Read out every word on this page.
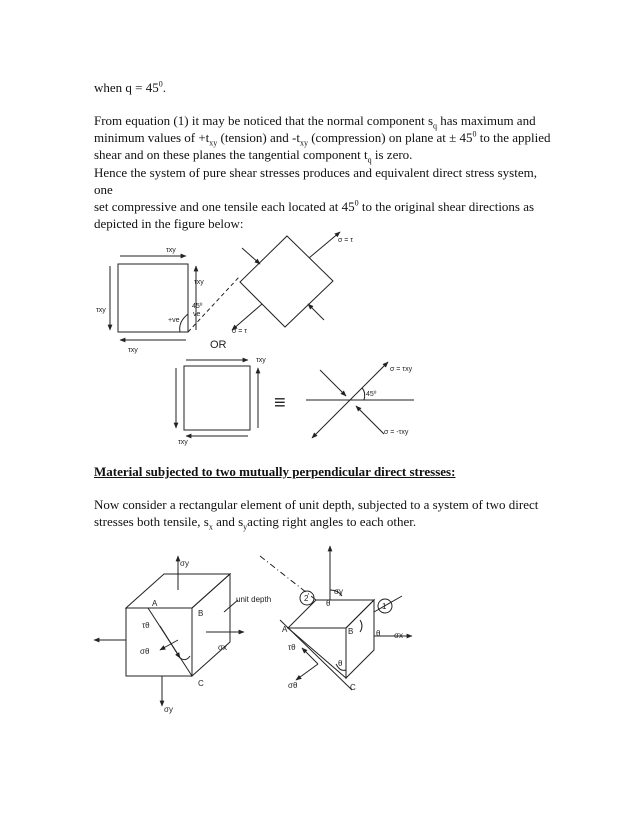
when $q = 45^0$.
From equation (1) it may be noticed that the normal component $s_q$ has maximum and
minimum values of $+t_{xy}$ (tension) and $-t_{xy}$ (compression) on plane at ± $45^0$ to the applied
shear and on these planes the tangential component $t_q$ is zero.
Hence the system of pure shear stresses produces and equivalent direct stress system, one
set compressive and one tensile each located at $45^0$ to the original shear directions as
depicted in the figure below:
τxy
τxy
τxy
τxy
45º
ve
+ve
σ = τ
σ = τ
τxy
τxy
σ = τxy
σ = -τxy
45º
OR
≡
Material subjected to two mutually perpendicular direct stresses:
Now consider a rectangular element of unit depth, subjected to a system of two direct
stresses both tensile, $s_x$ and $s_yacting$ right angles to each other.
σy
σy
σx
τθ
σθ
A
B
C
unit depth
σy
σx
τθ
σθ
A	B
C
θ
θ
θ
2
1
